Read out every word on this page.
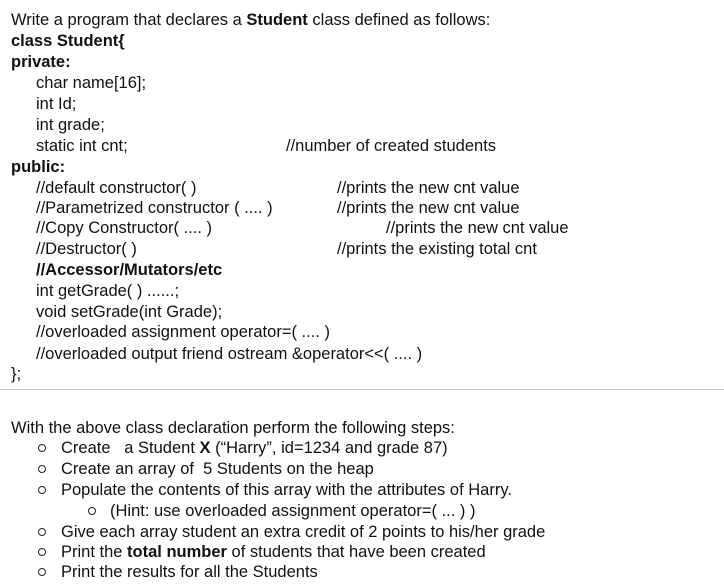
Write a program that declares a Student class defined as follows:
class Student{
private:
char name[16];
int Id;
int grade;
static int cnt;	//number of created students
public:
//default constructor( )	//prints the new cnt value
//Parametrized constructor ( .... )	//prints the new cnt value
//Copy Constructor( .... )	//prints the new cnt value
//Destructor( )	//prints the existing total cnt
//Accessor/Mutators/etc
int getGrade( ) ......;
void setGrade(int Grade);
//overloaded assignment operator=( .... )
//overloaded output friend ostream &operator<<( .... )
};
With the above class declaration perform the following steps:
Create   a Student X (“Harry”, id=1234 and grade 87)
Create an array of  5 Students on the heap
Populate the contents of this array with the attributes of Harry.
(Hint: use overloaded assignment operator=( ... ) )
Give each array student an extra credit of 2 points to his/her grade
Print the total number of students that have been created
Print the results for all the Students
